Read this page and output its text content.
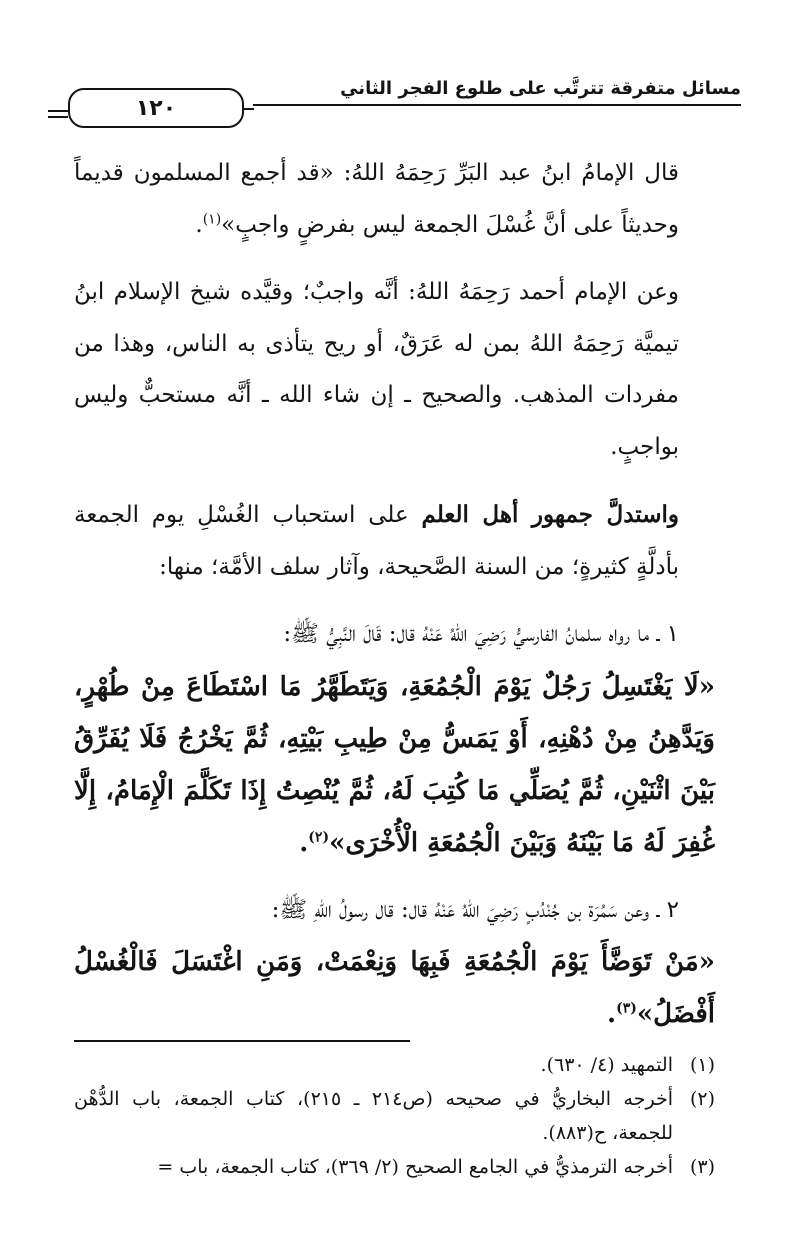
مسائل متفرقة تترتَّب على طلوع الفجر الثاني
١٢٠

قال الإمامُ ابنُ عبد البَرِّ رَحِمَهُ اللهُ: «قد أجمع المسلمون قديماً وحديثاً على أنَّ غُسْلَ الجمعة ليس بفرضٍ واجبٍ»$^{(١)}$.

وعن الإمام أحمد رَحِمَهُ اللهُ: أنَّه واجبٌ؛ وقيَّده شيخ الإسلام ابنُ تيميَّة رَحِمَهُ اللهُ بمن له عَرَقٌ، أو ريح يتأذى به الناس، وهذا من مفردات المذهب. والصحيح ـ إن شاء الله ـ أنَّه مستحبٌّ وليس بواجبٍ.

واستدلَّ جمهور أهل العلم على استحباب الغُسْلِ يوم الجمعة بأدلَّةٍ كثيرةٍ؛ من السنة الصَّحيحة، وآثار سلف الأمَّة؛ منها:

١ ـ ما رواه سلمانُ الفارسيُّ رَضِيَ اللهُ عَنْهُ قال: قَالَ النَّبِيُّ ﷺ:

«لَا يَغْتَسِلُ رَجُلٌ يَوْمَ الْجُمُعَةِ، وَيَتَطَهَّرُ مَا اسْتَطَاعَ مِنْ طُهْرٍ، وَيَدَّهِنُ مِنْ دُهْنِهِ، أَوْ يَمَسُّ مِنْ طِيبِ بَيْتِهِ، ثُمَّ يَخْرُجُ فَلَا يُفَرِّقُ بَيْنَ اثْنَيْنِ، ثُمَّ يُصَلِّي مَا كُتِبَ لَهُ، ثُمَّ يُنْصِتُ إِذَا تَكَلَّمَ الْإِمَامُ، إِلَّا غُفِرَ لَهُ مَا بَيْنَهُ وَبَيْنَ الْجُمُعَةِ الْأُخْرَى»$^{(٢)}$.

٢ ـ وعن سَمُرَة بن جُنْدُبٍ رَضِيَ اللهُ عَنْهُ قال: قال رسولُ اللهِ ﷺ:

«مَنْ تَوَضَّأَ يَوْمَ الْجُمُعَةِ فَبِهَا وَنِعْمَتْ، وَمَنِ اغْتَسَلَ فَالْغُسْلُ أَفْضَلُ»$^{(٣)}$.

(١)
التمهيد (٤/ ٦٣٠).
(٢)
أخرجه البخاريُّ في صحيحه (ص٢١٤ ـ ٢١٥)، كتاب الجمعة، باب الدُّهْن للجمعة، ح(٨٨٣).
(٣)
أخرجه الترمذيُّ في الجامع الصحيح (٢/ ٣٦٩)، كتاب الجمعة، باب =
